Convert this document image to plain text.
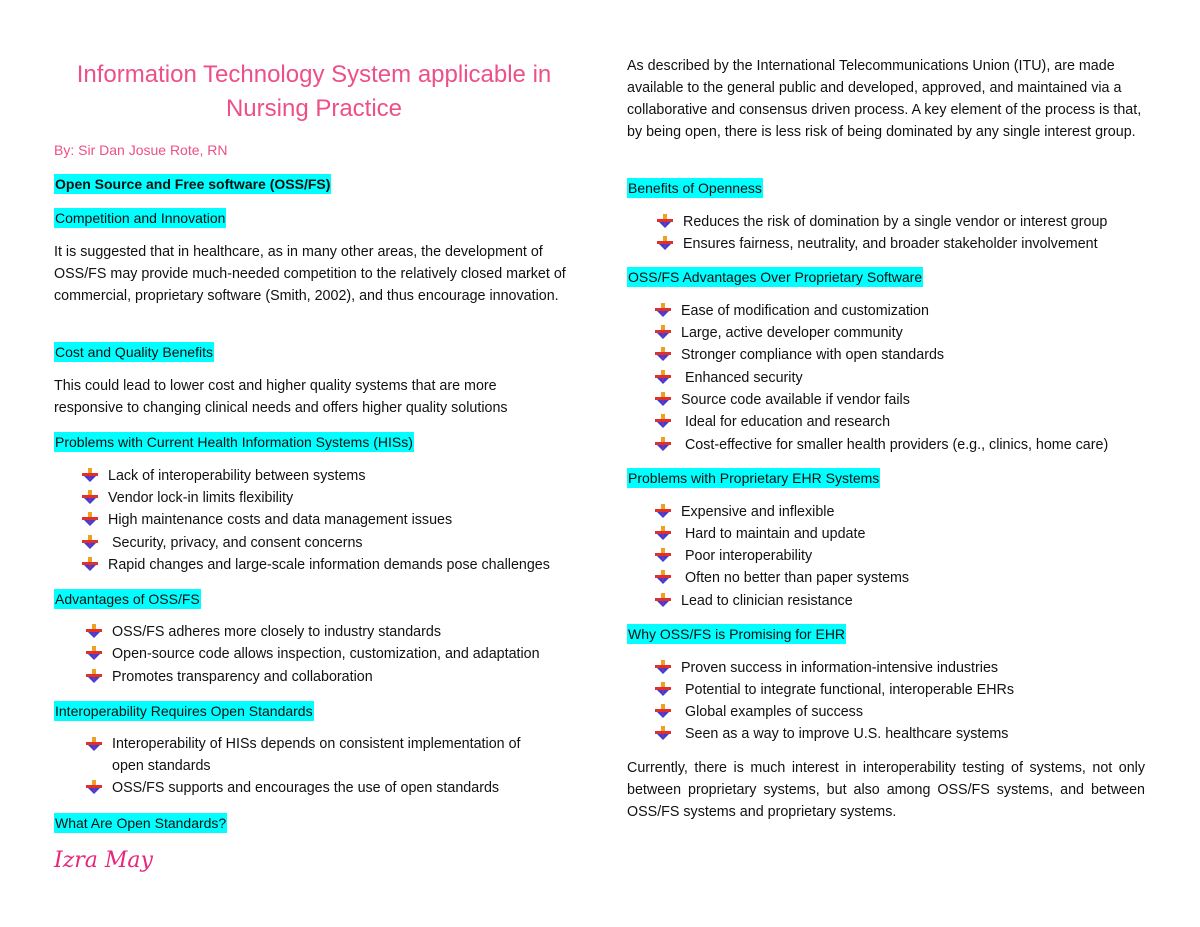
Information Technology System applicable in Nursing Practice
By: Sir Dan Josue Rote, RN
Open Source and Free software (OSS/FS)
Competition and Innovation
It is suggested that in healthcare, as in many other areas, the development of OSS/FS may provide much-needed competition to the relatively closed market of commercial, proprietary software (Smith, 2002), and thus encourage innovation.
Cost and Quality Benefits
This could lead to lower cost and higher quality systems that are more responsive to changing clinical needs and offers higher quality solutions
Problems with Current Health Information Systems (HISs)
Lack of interoperability between systems
Vendor lock-in limits flexibility
High maintenance costs and data management issues
Security, privacy, and consent concerns
Rapid changes and large-scale information demands pose challenges
Advantages of OSS/FS
OSS/FS adheres more closely to industry standards
Open-source code allows inspection, customization, and adaptation
Promotes transparency and collaboration
Interoperability Requires Open Standards
Interoperability of HISs depends on consistent implementation of open standards
OSS/FS supports and encourages the use of open standards
What Are Open Standards?
Izra May
As described by the International Telecommunications Union (ITU), are made available to the general public and developed, approved, and maintained via a collaborative and consensus driven process. A key element of the process is that, by being open, there is less risk of being dominated by any single interest group.
Benefits of Openness
Reduces the risk of domination by a single vendor or interest group
Ensures fairness, neutrality, and broader stakeholder involvement
OSS/FS Advantages Over Proprietary Software
Ease of modification and customization
Large, active developer community
Stronger compliance with open standards
Enhanced security
Source code available if vendor fails
Ideal for education and research
Cost-effective for smaller health providers (e.g., clinics, home care)
Problems with Proprietary EHR Systems
Expensive and inflexible
Hard to maintain and update
Poor interoperability
Often no better than paper systems
Lead to clinician resistance
Why OSS/FS is Promising for EHR
Proven success in information-intensive industries
Potential to integrate functional, interoperable EHRs
Global examples of success
Seen as a way to improve U.S. healthcare systems
Currently, there is much interest in interoperability testing of systems, not only between proprietary systems, but also among OSS/FS systems, and between OSS/FS systems and proprietary systems.
